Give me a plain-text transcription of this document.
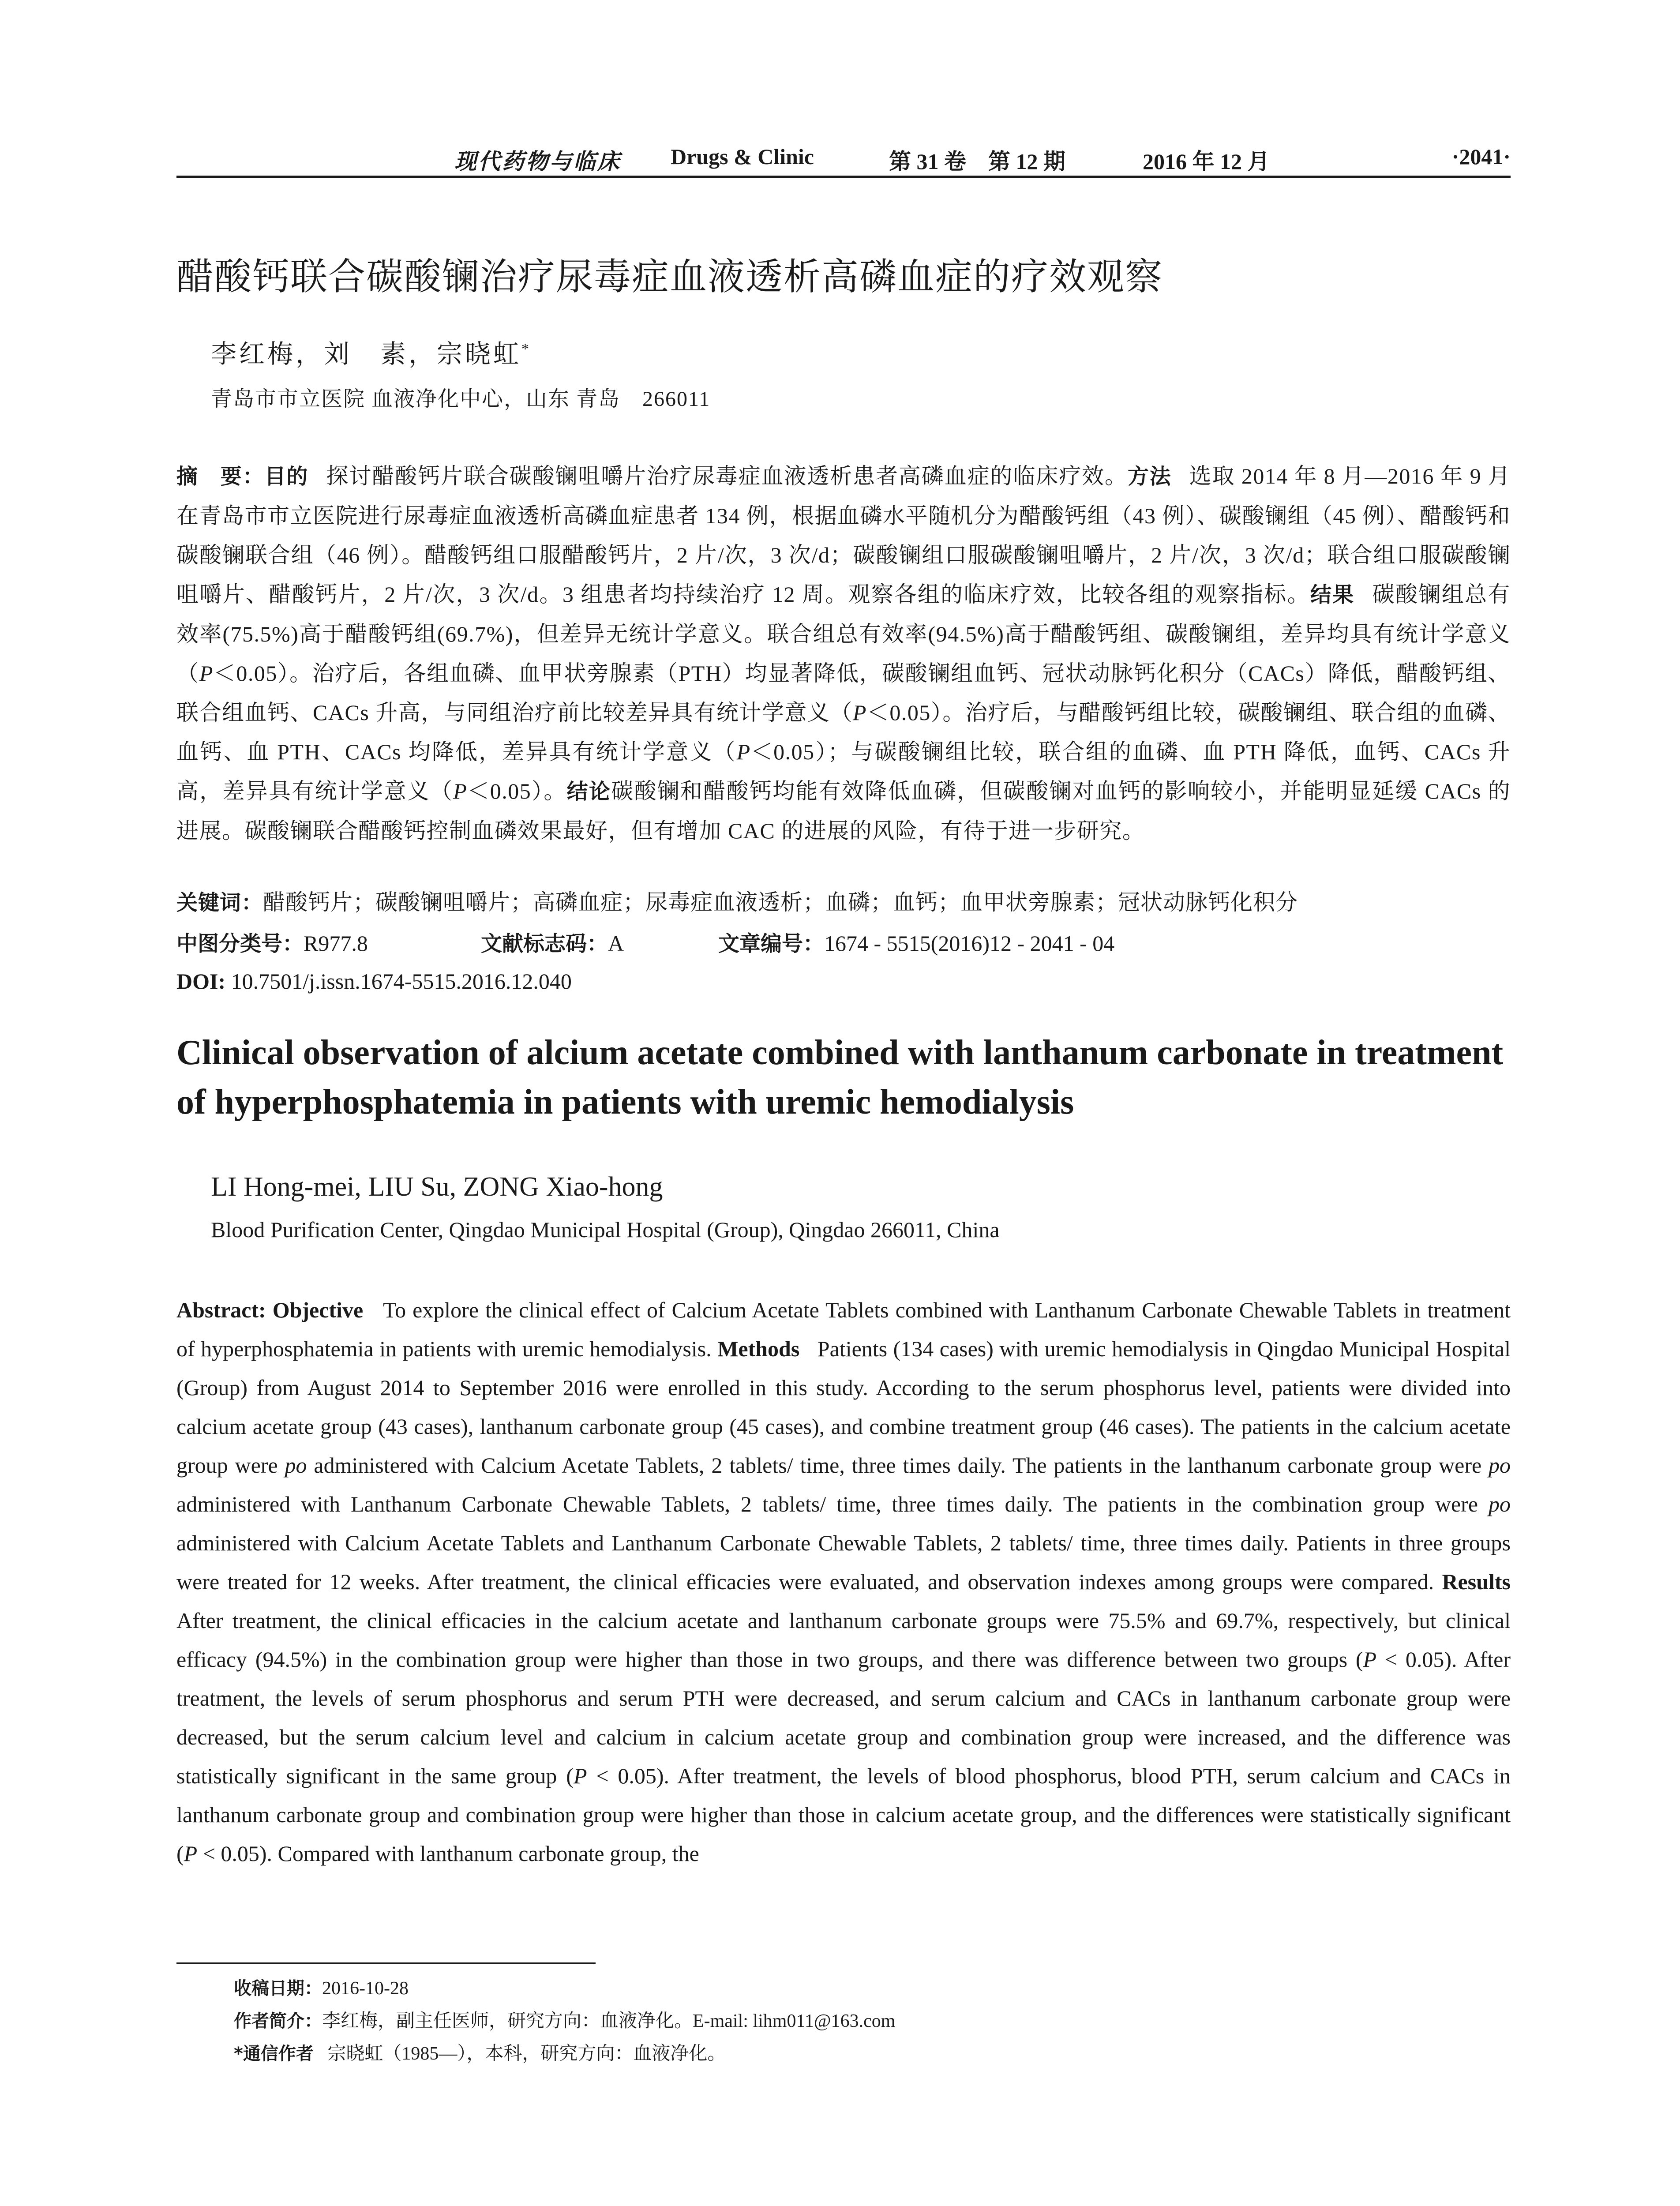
现代药物与临床 Drugs & Clinic	第 31 卷　第 12 期	2016 年 12 月	·2041·
醋酸钙联合碳酸镧治疗尿毒症血液透析高磷血症的疗效观察
李红梅，刘　素，宗晓虹*
青岛市市立医院 血液净化中心，山东 青岛　266011
摘　要：目的 探讨醋酸钙片联合碳酸镧咀嚼片治疗尿毒症血液透析患者高磷血症的临床疗效。方法 选取 2014 年 8 月—2016 年 9 月在青岛市市立医院进行尿毒症血液透析高磷血症患者 134 例，根据血磷水平随机分为醋酸钙组（43 例）、碳酸镧组（45 例）、醋酸钙和碳酸镧联合组（46 例）。醋酸钙组口服醋酸钙片，2 片/次，3 次/d；碳酸镧组口服碳酸镧咀嚼片，2 片/次，3 次/d；联合组口服碳酸镧咀嚼片、醋酸钙片，2 片/次，3 次/d。3 组患者均持续治疗 12 周。观察各组的临床疗效，比较各组的观察指标。结果 碳酸镧组总有效率(75.5%)高于醋酸钙组(69.7%)，但差异无统计学意义。联合组总有效率(94.5%)高于醋酸钙组、碳酸镧组，差异均具有统计学意义（P＜0.05）。治疗后，各组血磷、血甲状旁腺素（PTH）均显著降低，碳酸镧组血钙、冠状动脉钙化积分（CACs）降低，醋酸钙组、联合组血钙、CACs 升高，与同组治疗前比较差异具有统计学意义（P＜0.05）。治疗后，与醋酸钙组比较，碳酸镧组、联合组的血磷、血钙、血 PTH、CACs 均降低，差异具有统计学意义（P＜0.05）；与碳酸镧组比较，联合组的血磷、血 PTH 降低，血钙、CACs 升高，差异具有统计学意义（P＜0.05）。结论碳酸镧和醋酸钙均能有效降低血磷，但碳酸镧对血钙的影响较小，并能明显延缓 CACs 的进展。碳酸镧联合醋酸钙控制血磷效果最好，但有增加 CAC 的进展的风险，有待于进一步研究。
关键词：醋酸钙片；碳酸镧咀嚼片；高磷血症；尿毒症血液透析；血磷；血钙；血甲状旁腺素；冠状动脉钙化积分
中图分类号：R977.8	文献标志码：A	文章编号：1674 - 5515(2016)12 - 2041 - 04
DOI: 10.7501/j.issn.1674-5515.2016.12.040
Clinical observation of alcium acetate combined with lanthanum carbonate in treatment of hyperphosphatemia in patients with uremic hemodialysis
LI Hong-mei, LIU Su, ZONG Xiao-hong
Blood Purification Center, Qingdao Municipal Hospital (Group), Qingdao 266011, China
Abstract: Objective To explore the clinical effect of Calcium Acetate Tablets combined with Lanthanum Carbonate Chewable Tablets in treatment of hyperphosphatemia in patients with uremic hemodialysis. Methods Patients (134 cases) with uremic hemodialysis in Qingdao Municipal Hospital (Group) from August 2014 to September 2016 were enrolled in this study. According to the serum phosphorus level, patients were divided into calcium acetate group (43 cases), lanthanum carbonate group (45 cases), and combine treatment group (46 cases). The patients in the calcium acetate group were po administered with Calcium Acetate Tablets, 2 tablets/ time, three times daily. The patients in the lanthanum carbonate group were po administered with Lanthanum Carbonate Chewable Tablets, 2 tablets/ time, three times daily. The patients in the combination group were po administered with Calcium Acetate Tablets and Lanthanum Carbonate Chewable Tablets, 2 tablets/ time, three times daily. Patients in three groups were treated for 12 weeks. After treatment, the clinical efficacies were evaluated, and observation indexes among groups were compared. Results After treatment, the clinical efficacies in the calcium acetate and lanthanum carbonate groups were 75.5% and 69.7%, respectively, but clinical efficacy (94.5%) in the combination group were higher than those in two groups, and there was difference between two groups (P < 0.05). After treatment, the levels of serum phosphorus and serum PTH were decreased, and serum calcium and CACs in lanthanum carbonate group were decreased, but the serum calcium level and calcium in calcium acetate group and combination group were increased, and the difference was statistically significant in the same group (P < 0.05). After treatment, the levels of blood phosphorus, blood PTH, serum calcium and CACs in lanthanum carbonate group and combination group were higher than those in calcium acetate group, and the differences were statistically significant (P < 0.05). Compared with lanthanum carbonate group, the
收稿日期：2016-10-28
作者简介：李红梅，副主任医师，研究方向：血液净化。E-mail: lihm011@163.com
*通信作者 宗晓虹（1985—），本科，研究方向：血液净化。
